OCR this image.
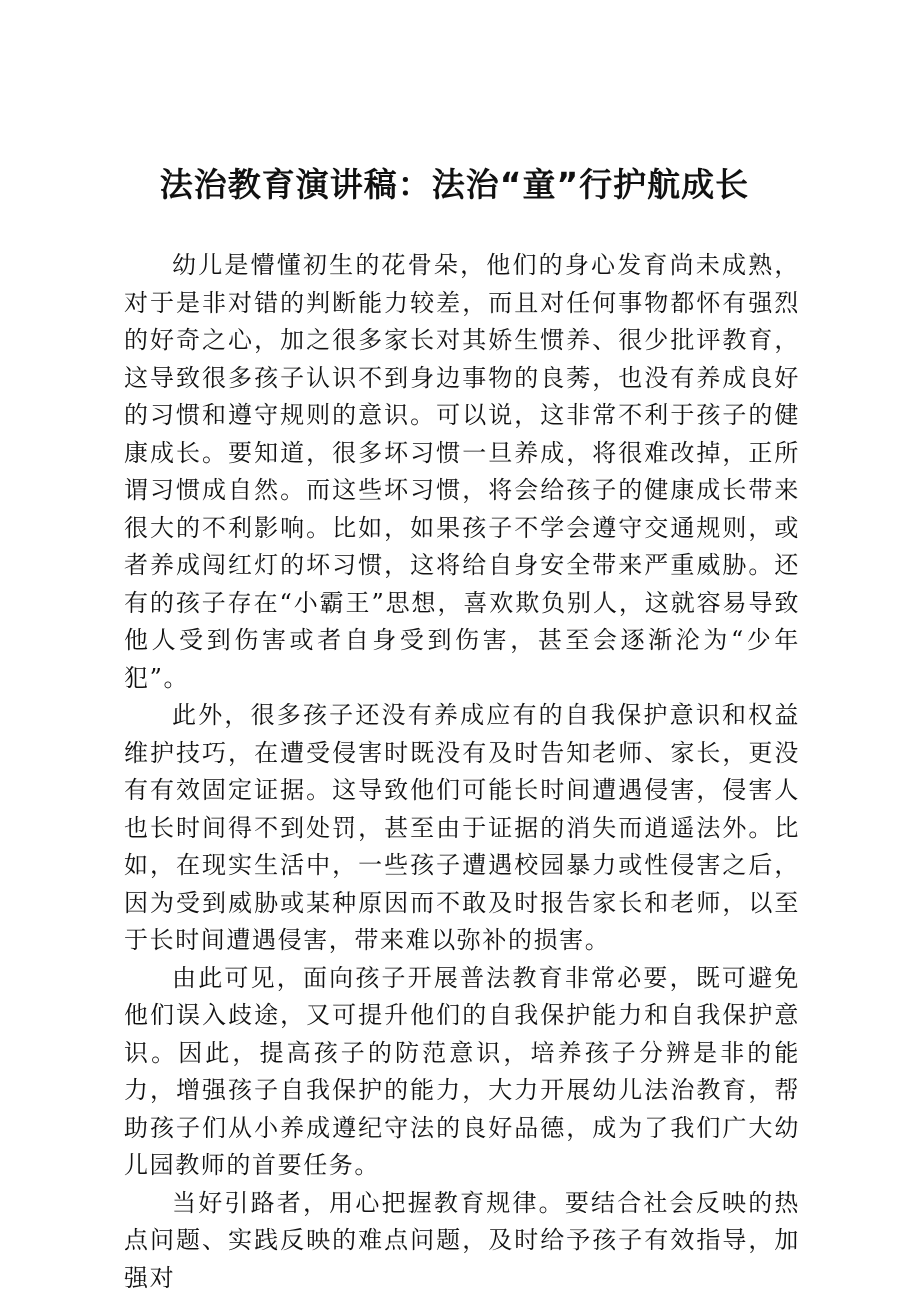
法治教育演讲稿：法治“童”行护航成长

幼儿是懵懂初生的花骨朵，他们的身心发育尚未成熟，对于是非对错的判断能力较差，而且对任何事物都怀有强烈的好奇之心，加之很多家长对其娇生惯养、很少批评教育，这导致很多孩子认识不到身边事物的良莠，也没有养成良好的习惯和遵守规则的意识。可以说，这非常不利于孩子的健康成长。要知道，很多坏习惯一旦养成，将很难改掉，正所谓习惯成自然。而这些坏习惯，将会给孩子的健康成长带来很大的不利影响。比如，如果孩子不学会遵守交通规则，或者养成闯红灯的坏习惯，这将给自身安全带来严重威胁。还有的孩子存在“小霸王”思想，喜欢欺负别人，这就容易导致他人受到伤害或者自身受到伤害，甚至会逐渐沦为“少年犯”。

此外，很多孩子还没有养成应有的自我保护意识和权益维护技巧，在遭受侵害时既没有及时告知老师、家长，更没有有效固定证据。这导致他们可能长时间遭遇侵害，侵害人也长时间得不到处罚，甚至由于证据的消失而逍遥法外。比如，在现实生活中，一些孩子遭遇校园暴力或性侵害之后，因为受到威胁或某种原因而不敢及时报告家长和老师，以至于长时间遭遇侵害，带来难以弥补的损害。

由此可见，面向孩子开展普法教育非常必要，既可避免他们误入歧途，又可提升他们的自我保护能力和自我保护意识。因此，提高孩子的防范意识，培养孩子分辨是非的能力，增强孩子自我保护的能力，大力开展幼儿法治教育，帮助孩子们从小养成遵纪守法的良好品德，成为了我们广大幼儿园教师的首要任务。

当好引路者，用心把握教育规律。要结合社会反映的热点问题、实践反映的难点问题，及时给予孩子有效指导，加强对
